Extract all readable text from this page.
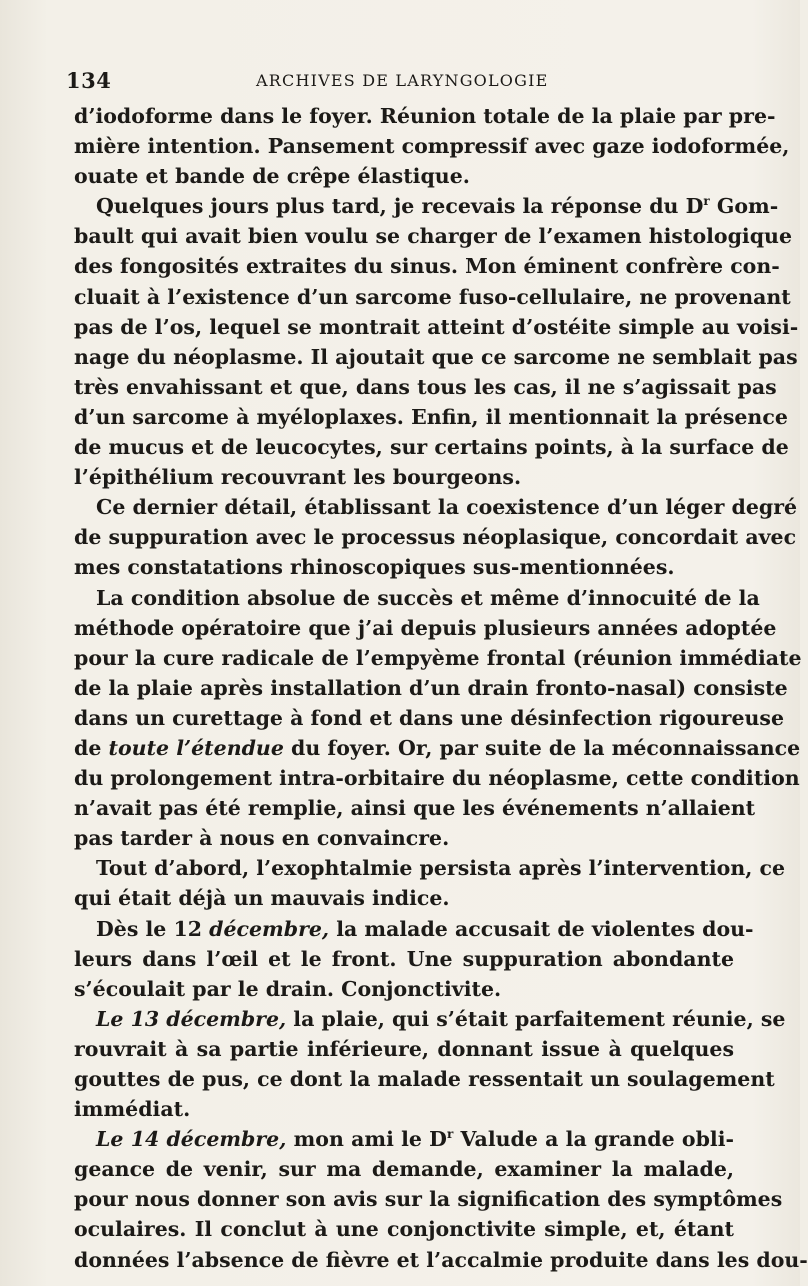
134	ARCHIVES DE LARYNGOLOGIE
d’iodoforme dans le foyer. Réunion totale de la plaie par pre-
mière intention. Pansement compressif avec gaze iodoformée,
ouate et bande de crêpe élastique.
Quelques jours plus tard, je recevais la réponse du $D^r$ Gom-
bault qui avait bien voulu se charger de l’examen histologique
des fongosités extraites du sinus. Mon éminent confrère con-
cluait à l’existence d’un sarcome fuso-cellulaire, ne provenant
pas de l’os, lequel se montrait atteint d’ostéite simple au voisi-
nage du néoplasme. Il ajoutait que ce sarcome ne semblait pas
très envahissant et que, dans tous les cas, il ne s’agissait pas
d’un sarcome à myéloplaxes. Enfin, il mentionnait la présence
de mucus et de leucocytes, sur certains points, à la surface de
l’épithélium recouvrant les bourgeons.
Ce dernier détail, établissant la coexistence d’un léger degré
de suppuration avec le processus néoplasique, concordait avec
mes constatations rhinoscopiques sus-mentionnées.
La condition absolue de succès et même d’innocuité de la
méthode opératoire que j’ai depuis plusieurs années adoptée
pour la cure radicale de l’empyème frontal (réunion immédiate
de la plaie après installation d’un drain fronto-nasal) consiste
dans un curettage à fond et dans une désinfection rigoureuse
de toute l’étendue du foyer. Or, par suite de la méconnaissance
du prolongement intra-orbitaire du néoplasme, cette condition
n’avait pas été remplie, ainsi que les événements n’allaient
pas tarder à nous en convaincre.
Tout d’abord, l’exophtalmie persista après l’intervention, ce
qui était déjà un mauvais indice.
Dès le 12 décembre, la malade accusait de violentes dou-
leurs dans l’œil et le front. Une suppuration abondante
s’écoulait par le drain. Conjonctivite.
Le 13 décembre, la plaie, qui s’était parfaitement réunie, se
rouvrait à sa partie inférieure, donnant issue à quelques
gouttes de pus, ce dont la malade ressentait un soulagement
immédiat.
Le 14 décembre, mon ami le $D^r$ Valude a la grande obli-
geance de venir, sur ma demande, examiner la malade,
pour nous donner son avis sur la signification des symptômes
oculaires. Il conclut à une conjonctivite simple, et, étant
données l’absence de fièvre et l’accalmie produite dans les dou-
